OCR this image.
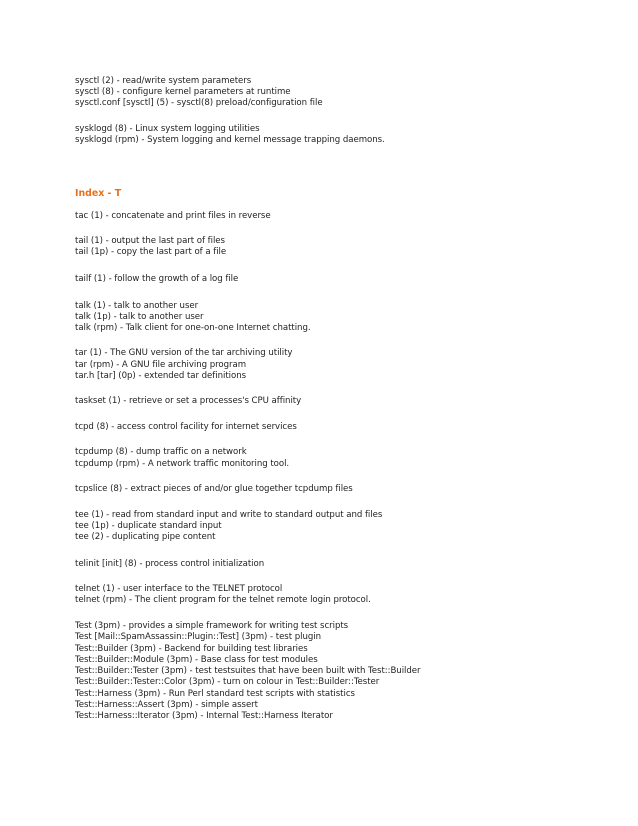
sysctl (2) - read/write system parameters
sysctl (8) - configure kernel parameters at runtime
sysctl.conf [sysctl] (5) - sysctl(8) preload/configuration file
sysklogd (8) - Linux system logging utilities
sysklogd (rpm) - System logging and kernel message trapping daemons.
Index - T
tac (1) - concatenate and print files in reverse
tail (1) - output the last part of files
tail (1p) - copy the last part of a file
tailf (1) - follow the growth of a log file
talk (1) - talk to another user
talk (1p) - talk to another user
talk (rpm) - Talk client for one-on-one Internet chatting.
tar (1) - The GNU version of the tar archiving utility
tar (rpm) - A GNU file archiving program
tar.h [tar] (0p) - extended tar definitions
taskset (1) - retrieve or set a processes's CPU affinity
tcpd (8) - access control facility for internet services
tcpdump (8) - dump traffic on a network
tcpdump (rpm) - A network traffic monitoring tool.
tcpslice (8) - extract pieces of and/or glue together tcpdump files
tee (1) - read from standard input and write to standard output and files
tee (1p) - duplicate standard input
tee (2) - duplicating pipe content
telinit [init] (8) - process control initialization
telnet (1) - user interface to the TELNET protocol
telnet (rpm) - The client program for the telnet remote login protocol.
Test (3pm) - provides a simple framework for writing test scripts
Test [Mail::SpamAssassin::Plugin::Test] (3pm) - test plugin
Test::Builder (3pm) - Backend for building test libraries
Test::Builder::Module (3pm) - Base class for test modules
Test::Builder::Tester (3pm) - test testsuites that have been built with Test::Builder
Test::Builder::Tester::Color (3pm) - turn on colour in Test::Builder::Tester
Test::Harness (3pm) - Run Perl standard test scripts with statistics
Test::Harness::Assert (3pm) - simple assert
Test::Harness::Iterator (3pm) - Internal Test::Harness Iterator
